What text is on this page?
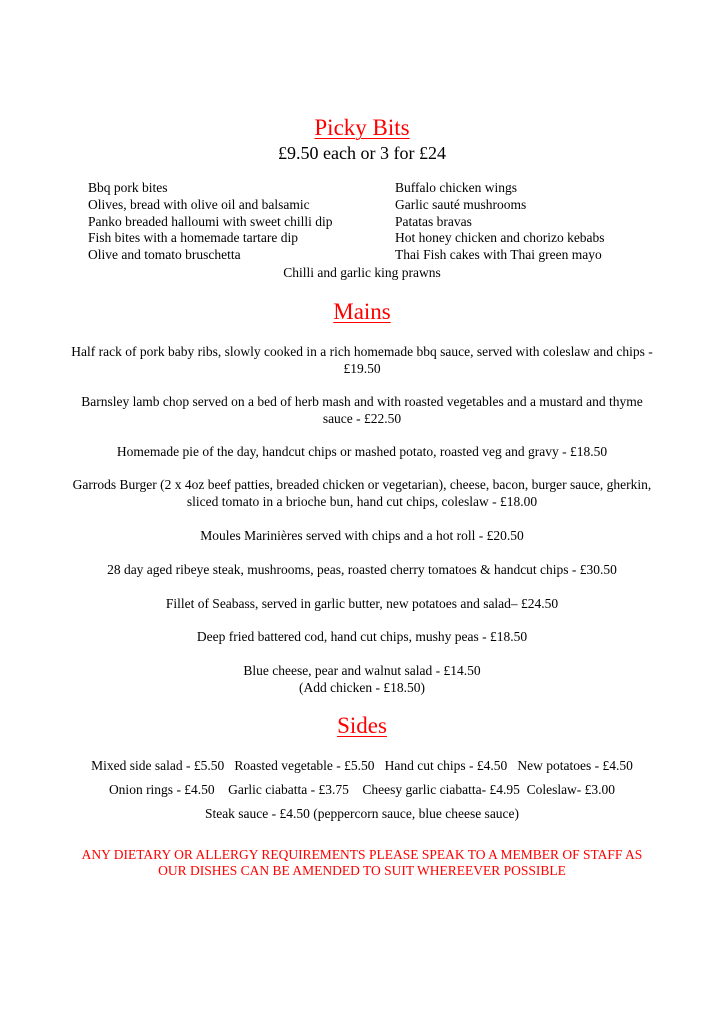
Picky Bits
£9.50 each or 3 for £24
Bbq pork bites
Olives, bread with olive oil and balsamic
Panko breaded halloumi with sweet chilli dip
Fish bites with a homemade tartare dip
Olive and tomato bruschetta
Buffalo chicken wings
Garlic sauté mushrooms
Patatas bravas
Hot honey chicken and chorizo kebabs
Thai Fish cakes with Thai green mayo
Chilli and garlic king prawns
Mains
Half rack of pork baby ribs, slowly cooked in a rich homemade bbq sauce, served with coleslaw and chips -
£19.50
Barnsley lamb chop served on a bed of herb mash and with roasted vegetables and a mustard and thyme
sauce - £22.50
Homemade pie of the day, handcut chips or mashed potato, roasted veg and gravy - £18.50
Garrods Burger (2 x 4oz beef patties, breaded chicken or vegetarian), cheese, bacon, burger sauce, gherkin,
sliced tomato in a brioche bun, hand cut chips, coleslaw - £18.00
Moules Marinières served with chips and a hot roll - £20.50
28 day aged ribeye steak, mushrooms, peas, roasted cherry tomatoes & handcut chips - £30.50
Fillet of Seabass, served in garlic butter, new potatoes and salad– £24.50
Deep fried battered cod, hand cut chips, mushy peas - £18.50
Blue cheese, pear and walnut salad - £14.50
(Add chicken - £18.50)
Sides
Mixed side salad - £5.50   Roasted vegetable - £5.50   Hand cut chips - £4.50   New potatoes - £4.50
Onion rings - £4.50    Garlic ciabatta - £3.75    Cheesy garlic ciabatta- £4.95  Coleslaw- £3.00
Steak sauce - £4.50 (peppercorn sauce, blue cheese sauce)
ANY DIETARY OR ALLERGY REQUIREMENTS PLEASE SPEAK TO A MEMBER OF STAFF AS
OUR DISHES CAN BE AMENDED TO SUIT WHEREEVER POSSIBLE
